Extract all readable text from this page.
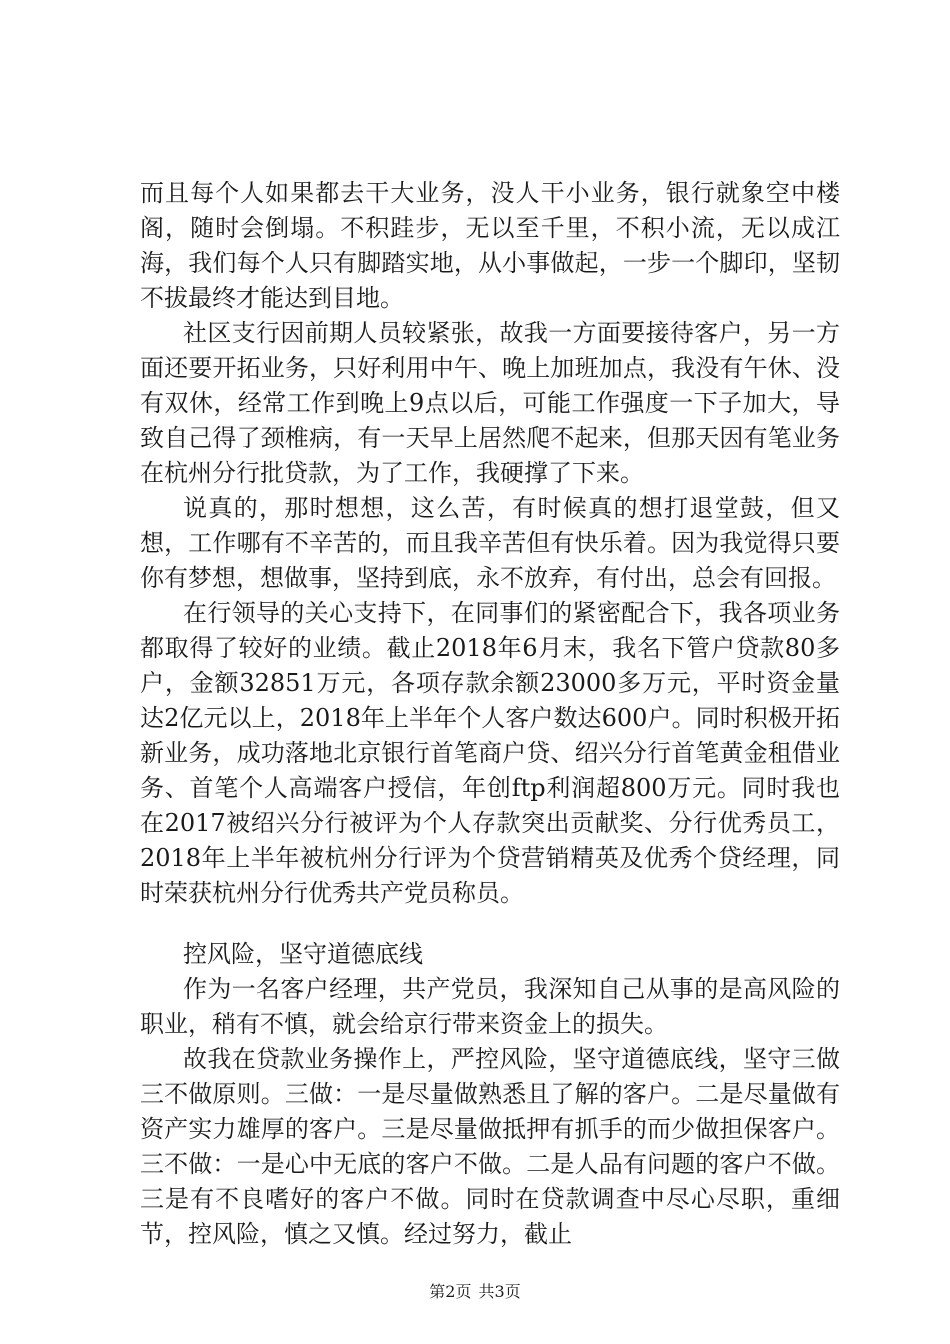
而且每个人如果都去干大业务，没人干小业务，银行就象空中楼阁，随时会倒塌。不积跬步，无以至千里，不积小流，无以成江海，我们每个人只有脚踏实地，从小事做起，一步一个脚印，坚韧不拔最终才能达到目地。

社区支行因前期人员较紧张，故我一方面要接待客户，另一方面还要开拓业务，只好利用中午、晚上加班加点，我没有午休、没有双休，经常工作到晚上9点以后，可能工作强度一下子加大，导致自己得了颈椎病，有一天早上居然爬不起来，但那天因有笔业务在杭州分行批贷款，为了工作，我硬撑了下来。

说真的，那时想想，这么苦，有时候真的想打退堂鼓，但又想，工作哪有不辛苦的，而且我辛苦但有快乐着。因为我觉得只要你有梦想，想做事，坚持到底，永不放弃，有付出，总会有回报。

在行领导的关心支持下，在同事们的紧密配合下，我各项业务都取得了较好的业绩。截止2018年6月末，我名下管户贷款80多户，金额32851万元，各项存款余额23000多万元，平时资金量达2亿元以上，2018年上半年个人客户数达600户。同时积极开拓新业务，成功落地北京银行首笔商户贷、绍兴分行首笔黄金租借业务、首笔个人高端客户授信，年创ftp利润超800万元。同时我也在2017被绍兴分行被评为个人存款突出贡献奖、分行优秀员工，2018年上半年被杭州分行评为个贷营销精英及优秀个贷经理，同时荣获杭州分行优秀共产党员称员。

控风险，坚守道德底线

作为一名客户经理，共产党员，我深知自己从事的是高风险的职业，稍有不慎，就会给京行带来资金上的损失。

故我在贷款业务操作上，严控风险，坚守道德底线，坚守三做三不做原则。三做：一是尽量做熟悉且了解的客户。二是尽量做有资产实力雄厚的客户。三是尽量做抵押有抓手的而少做担保客户。三不做：一是心中无底的客户不做。二是人品有问题的客户不做。三是有不良嗜好的客户不做。同时在贷款调查中尽心尽职，重细节，控风险，慎之又慎。经过努力，截止

第2页 共3页
